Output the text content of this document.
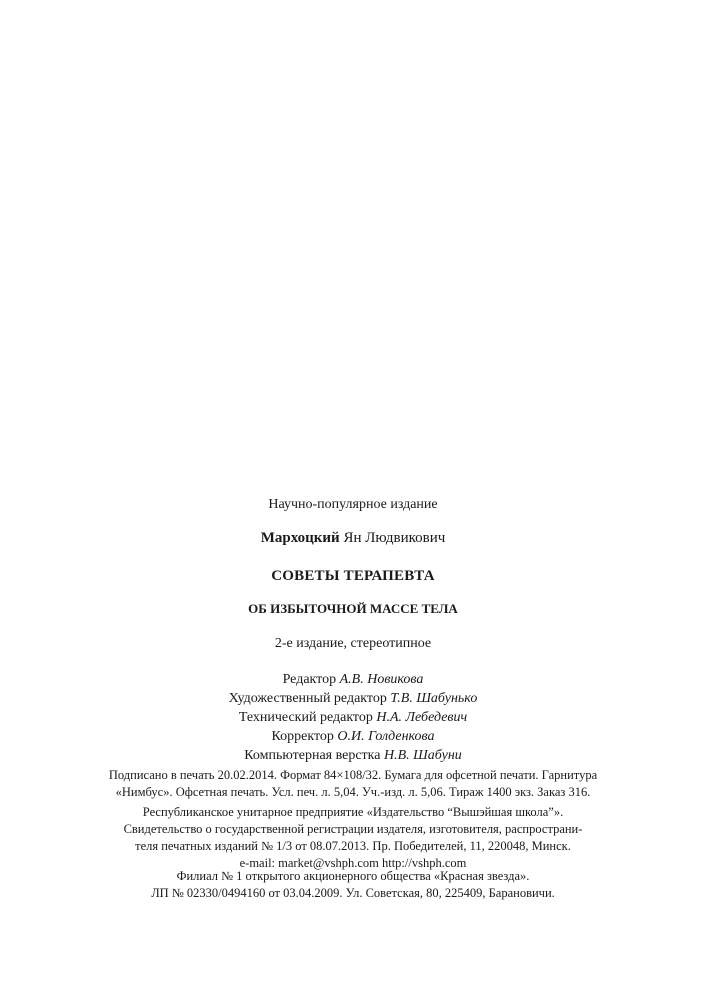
Научно-популярное издание
Мархоцкий Ян Людвикович
СОВЕТЫ ТЕРАПЕВТА
ОБ ИЗБЫТОЧНОЙ МАССЕ ТЕЛА
2-е издание, стереотипное
Редактор А.В. Новикова
Художественный редактор Т.В. Шабунько
Технический редактор Н.А. Лебедевич
Корректор О.И. Голденкова
Компьютерная верстка Н.В. Шабуни
Подписано в печать 20.02.2014. Формат 84×108/32. Бумага для офсетной печати. Гарнитура
«Нимбус». Офсетная печать. Усл. печ. л. 5,04. Уч.-изд. л. 5,06. Тираж 1400 экз. Заказ 316.
Республиканское унитарное предприятие «Издательство “Вышэйшая школа”».
Свидетельство о государственной регистрации издателя, изготовителя, распространи-
теля печатных изданий № 1/3 от 08.07.2013. Пр. Победителей, 11, 220048, Минск.
e-mail: market@vshph.com http://vshph.com
Филиал № 1 открытого акционерного общества «Красная звезда».
ЛП № 02330/0494160 от 03.04.2009. Ул. Советская, 80, 225409, Барановичи.
